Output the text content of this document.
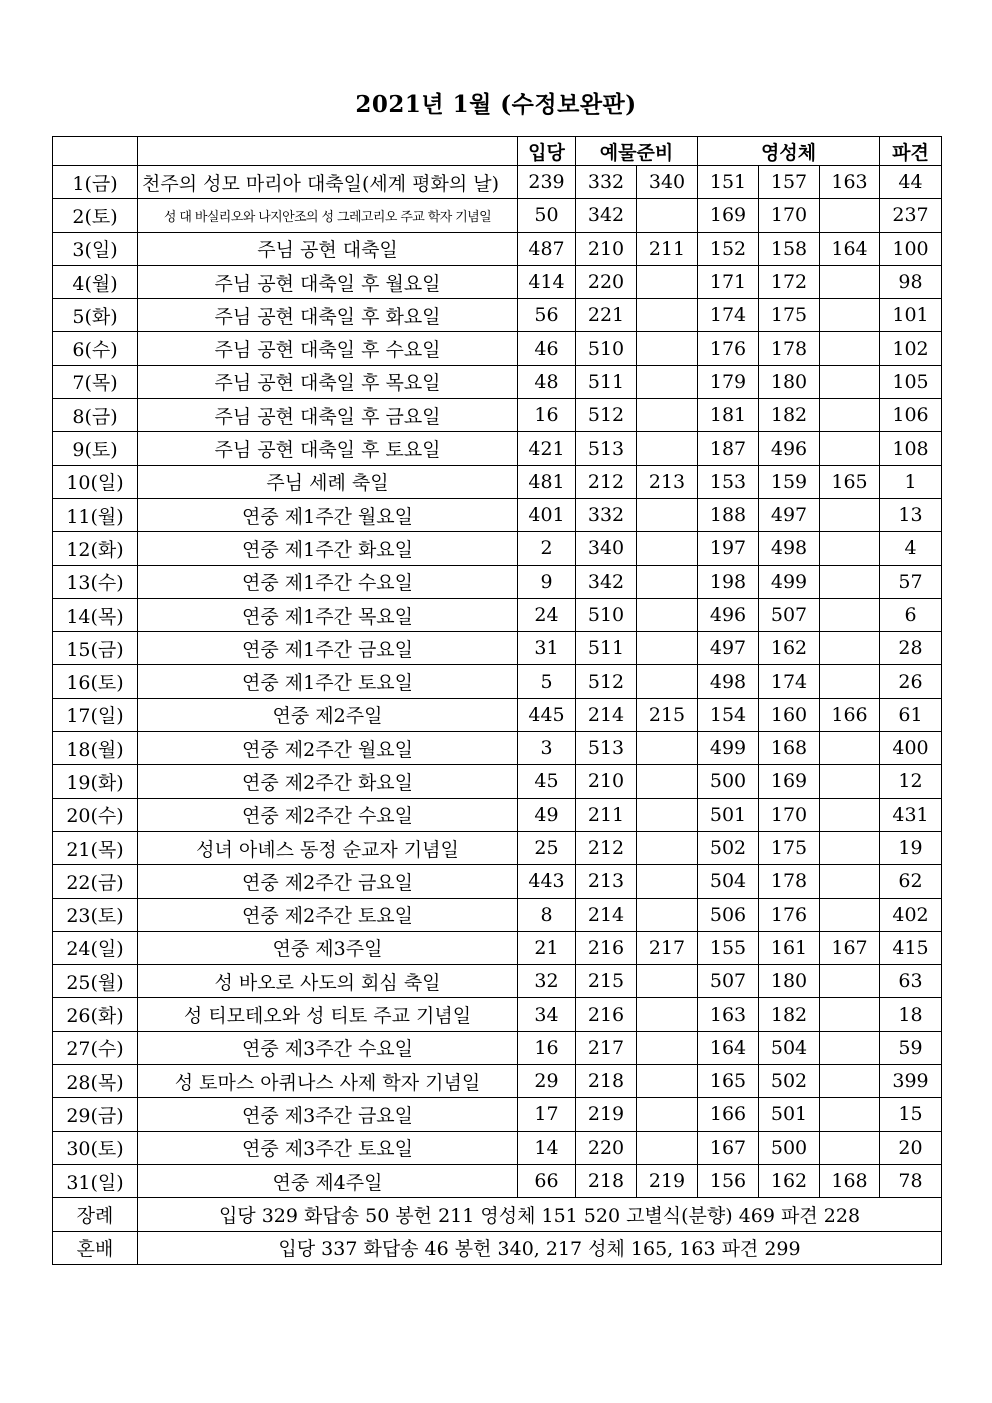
2021년 1월 (수정보완판)
		입당	예물준비		영성체			파견
1(금)	천주의 성모 마리아 대축일(세계 평화의 날)	239	332	340	151	157	163	44
2(토)	성 대 바실리오와 나지안조의 성 그레고리오 주교 학자 기념일	50	342		169	170		237
3(일)	주님 공현 대축일	487	210	211	152	158	164	100
4(월)	주님 공현 대축일 후 월요일	414	220		171	172		98
5(화)	주님 공현 대축일 후 화요일	56	221		174	175		101
6(수)	주님 공현 대축일 후 수요일	46	510		176	178		102
7(목)	주님 공현 대축일 후 목요일	48	511		179	180		105
8(금)	주님 공현 대축일 후 금요일	16	512		181	182		106
9(토)	주님 공현 대축일 후 토요일	421	513		187	496		108
10(일)	주님 세례 축일	481	212	213	153	159	165	1
11(월)	연중 제1주간 월요일	401	332		188	497		13
12(화)	연중 제1주간 화요일	2	340		197	498		4
13(수)	연중 제1주간 수요일	9	342		198	499		57
14(목)	연중 제1주간 목요일	24	510		496	507		6
15(금)	연중 제1주간 금요일	31	511		497	162		28
16(토)	연중 제1주간 토요일	5	512		498	174		26
17(일)	연중 제2주일	445	214	215	154	160	166	61
18(월)	연중 제2주간 월요일	3	513		499	168		400
19(화)	연중 제2주간 화요일	45	210		500	169		12
20(수)	연중 제2주간 수요일	49	211		501	170		431
21(목)	성녀 아녜스 동정 순교자 기념일	25	212		502	175		19
22(금)	연중 제2주간 금요일	443	213		504	178		62
23(토)	연중 제2주간 토요일	8	214		506	176		402
24(일)	연중 제3주일	21	216	217	155	161	167	415
25(월)	성 바오로 사도의 회심 축일	32	215		507	180		63
26(화)	성 티모테오와 성 티토 주교 기념일	34	216		163	182		18
27(수)	연중 제3주간 수요일	16	217		164	504		59
28(목)	성 토마스 아퀴나스 사제 학자 기념일	29	218		165	502		399
29(금)	연중 제3주간 금요일	17	219		166	501		15
30(토)	연중 제3주간 토요일	14	220		167	500		20
31(일)	연중 제4주일	66	218	219	156	162	168	78
장례	입당 329 화답송 50 봉헌 211 영성체 151 520 고별식(분향) 469 파견 228							
혼배	입당 337 화답송 46 봉헌 340, 217 성체 165, 163 파견 299							
